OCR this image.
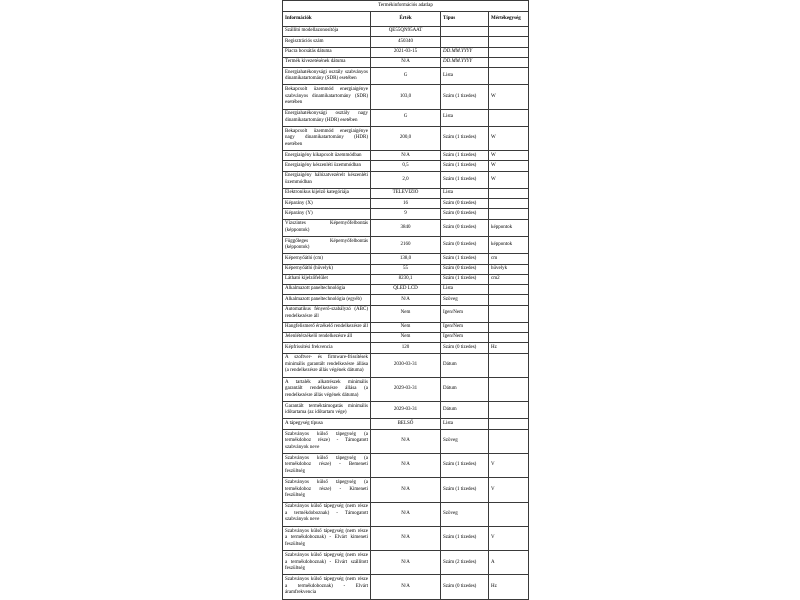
Termékinformációs adatlap			
Információk	Érték	Típus	Mértékegység
Szállító modellazonosítója	QE55QN95AAT		
Regisztrációs szám	450340		
Piacra bocsátás dátuma	2021-03-15	DD.MM.YYYY	
Termék kivezetésének dátuma	N/A	DD.MM.YYYY	
Energiahatékonysági osztály szabványos dinamikatartomány (SDR) esetében	G	Lista	
Bekapcsolt üzemmód energiaigénye szabványos dinamikatartomány (SDR) esetében	103,0	Szám (1 tizedes)	W
Energiahatékonysági osztály nagy dinamikatartomány (HDR) esetében	G	Lista	
Bekapcsolt üzemmód energiaigénye nagy dinamikatartomány (HDR) esetében	200,0	Szám (1 tizedes)	W
Energiaigény kikapcsolt üzemmódban	N/A	Szám (1 tizedes)	W
Energiaigény készenléti üzemmódban	0,5	Szám (1 tizedes)	W
Energiaigény hálózatvezérelt készenléti üzemmódban	2,0	Szám (1 tizedes)	W
Elektronikus kijelző kategóriája	TELEVÍZIÓ	Lista	
Képarány (X)	16	Szám (0 tizedes)	
Képarány (Y)	9	Szám (0 tizedes)	
Vízszintes Képernyőfelbontás (képpontok)	3840	Szám (0 tizedes)	képpontok
Függőleges Képernyőfelbontás (képpontok)	2160	Szám (0 tizedes)	képpontok
Képernyőátló (cm)	138,0	Szám (1 tizedes)	cm
Képernyőátló (hüvelyk)	55	Szám (0 tizedes)	hüvelyk
Látható kijelzőfelület	8230,1	Szám (1 tizedes)	cm2
Alkalmazott paneltechnológia	QLED LCD	Lista	
Alkalmazott paneltechnológia (egyéb)	N/A	Szöveg	
Automatikus fényerő-szabályzó (ABC) rendelkezésre áll	Nem	Igen/Nem	
Hangfelismerő érzékelő rendelkezésre áll	Nem	Igen/Nem	
Jelenlétérzékelő rendelkezésre áll	Nem	Igen/Nem	
Képfrissítési frekvencia	120	Szám (0 tizedes)	Hz
A szoftver- és firmware-frissítések minimális garantált rendelkezésre állása (a rendelkezésre állás végének dátuma)	2030-03-31	Dátum	
A tartalék alkatrészek minimális garantált rendelkezésre állása (a rendelkezésre állás végének dátuma)	2029-03-31	Dátum	
Garantált terméktámogatás minimális időtartama (az időtartam vége)	2029-03-31	Dátum	
A tápegység típusa	BELSŐ	Lista	
Szabványos külső tápegység (a termékdoboz része) - Támogatott szabványok neve	N/A	Szöveg	
Szabványos külső tápegység (a termékdoboz része) - Bemeneti feszültség	N/A	Szám (1 tizedes)	V
Szabványos külső tápegység (a termékdoboz része) - Kimeneti feszültség	N/A	Szám (1 tizedes)	V
Szabványos külső tápegység (nem része a termékdoboznak) - Támogatott szabványok neve	N/A	Szöveg	
Szabványos külső tápegység (nem része a termékdoboznak) - Elvárt kimeneti feszültség	N/A	Szám (1 tizedes)	V
Szabványos külső tápegység (nem része a termékdoboznak) - Elvárt szállított feszültség	N/A	Szám (2 tizedes)	A
Szabványos külső tápegység (nem része a termékdoboznak) - Elvárt áramfrekvencia	N/A	Szám (0 tizedes)	Hz
